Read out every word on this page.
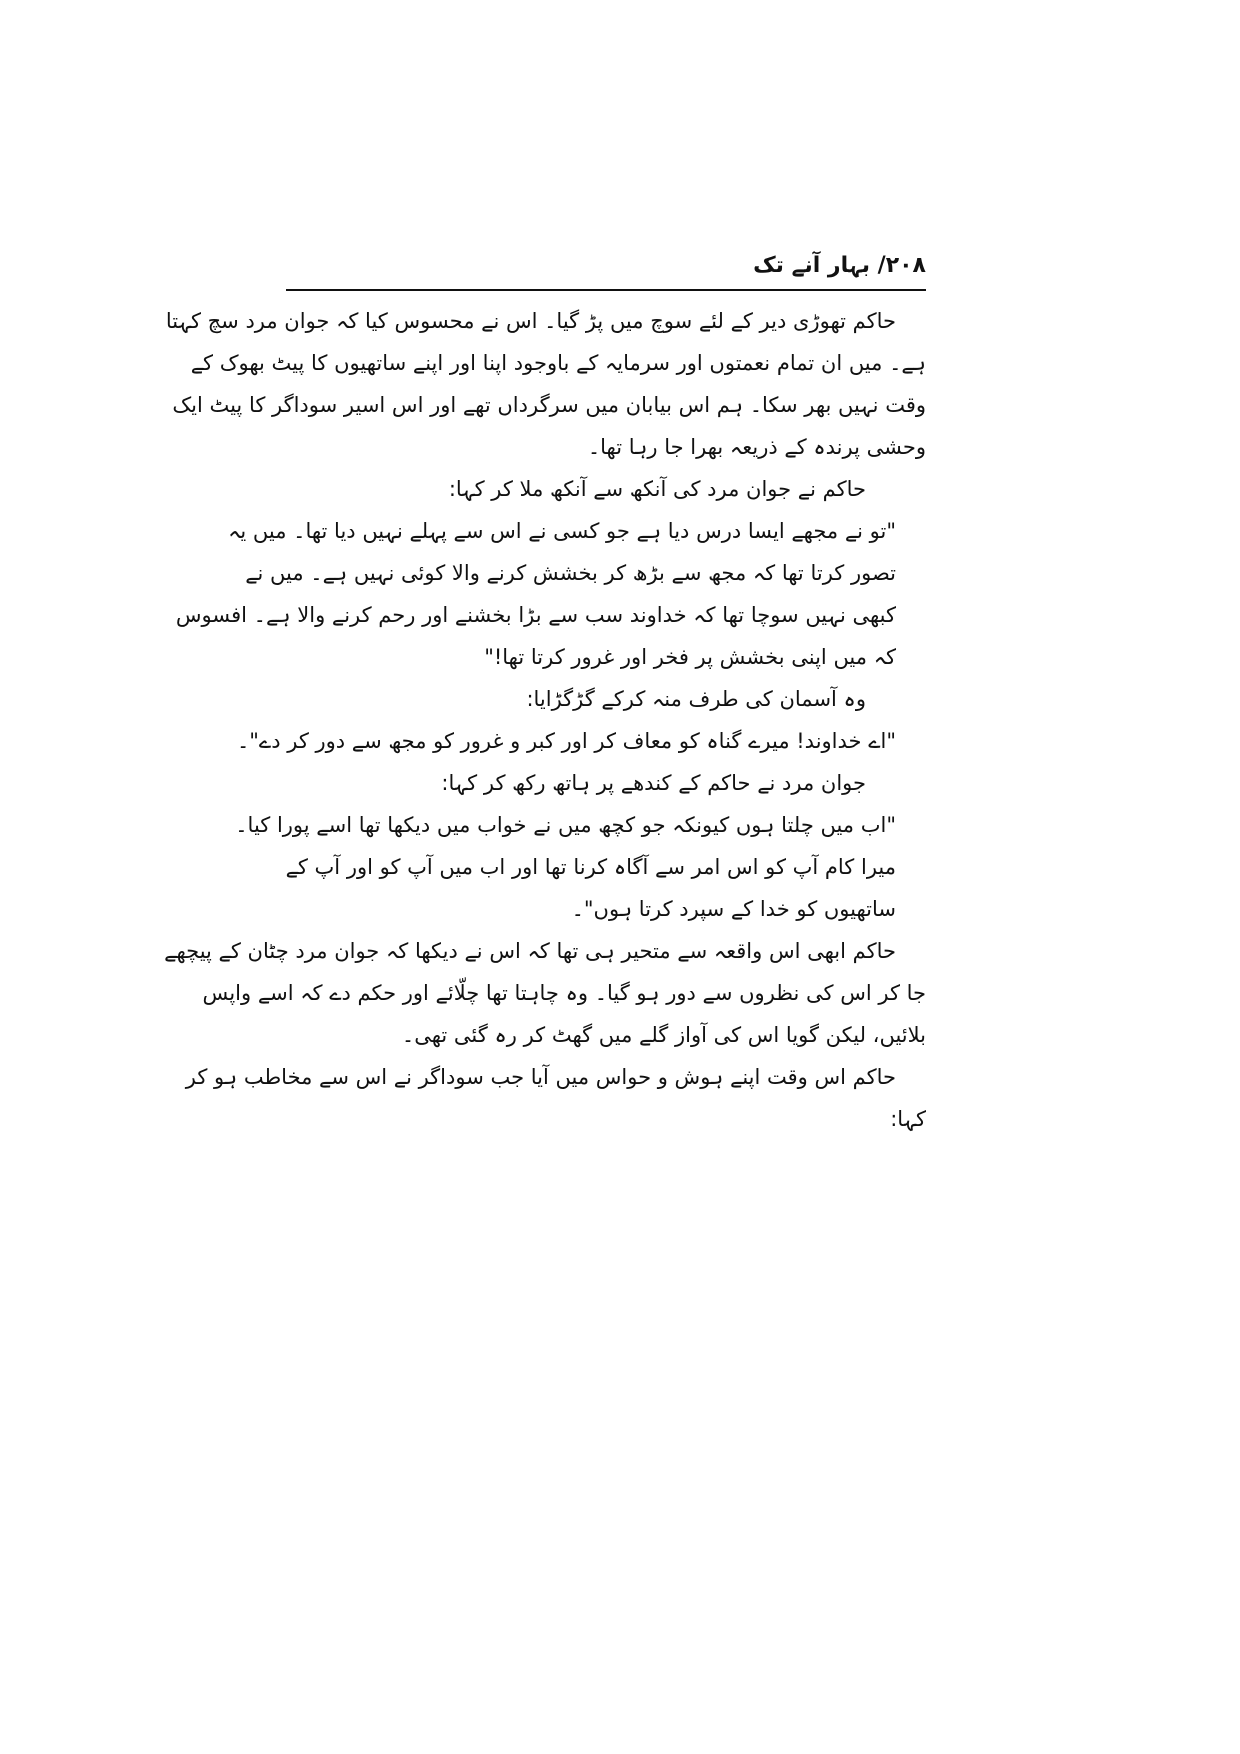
۲۰۸/ بہار آنے تک
حاکم تھوڑی دیر کے لئے سوچ میں پڑ گیا۔ اس نے محسوس کیا کہ جوان مرد سچ کہتا
ہے۔ میں ان تمام نعمتوں اور سرمایہ کے باوجود اپنا اور اپنے ساتھیوں کا پیٹ بھوک کے
وقت نہیں بھر سکا۔ ہم اس بیابان میں سرگرداں تھے اور اس اسیر سوداگر کا پیٹ ایک
وحشی پرندہ کے ذریعہ بھرا جا رہا تھا۔
حاکم نے جوان مرد کی آنکھ سے آنکھ ملا کر کہا:
"تو نے مجھے ایسا درس دیا ہے جو کسی نے اس سے پہلے نہیں دیا تھا۔ میں یہ
تصور کرتا تھا کہ مجھ سے بڑھ کر بخشش کرنے والا کوئی نہیں ہے۔ میں نے
کبھی نہیں سوچا تھا کہ خداوند سب سے بڑا بخشنے اور رحم کرنے والا ہے۔ افسوس
کہ میں اپنی بخشش پر فخر اور غرور کرتا تھا!"
وہ آسمان کی طرف منہ کرکے گڑگڑایا:
"اے خداوند! میرے گناہ کو معاف کر اور کبر و غرور کو مجھ سے دور کر دے"۔
جوان مرد نے حاکم کے کندھے پر ہاتھ رکھ کر کہا:
"اب میں چلتا ہوں کیونکہ جو کچھ میں نے خواب میں دیکھا تھا اسے پورا کیا۔
میرا کام آپ کو اس امر سے آگاہ کرنا تھا اور اب میں آپ کو اور آپ کے
ساتھیوں کو خدا کے سپرد کرتا ہوں"۔
حاکم ابھی اس واقعہ سے متحیر ہی تھا کہ اس نے دیکھا کہ جوان مرد چٹان کے پیچھے
جا کر اس کی نظروں سے دور ہو گیا۔ وہ چاہتا تھا چلّائے اور حکم دے کہ اسے واپس
بلائیں، لیکن گویا اس کی آواز گلے میں گھٹ کر رہ گئی تھی۔
حاکم اس وقت اپنے ہوش و حواس میں آیا جب سوداگر نے اس سے مخاطب ہو کر
کہا:
